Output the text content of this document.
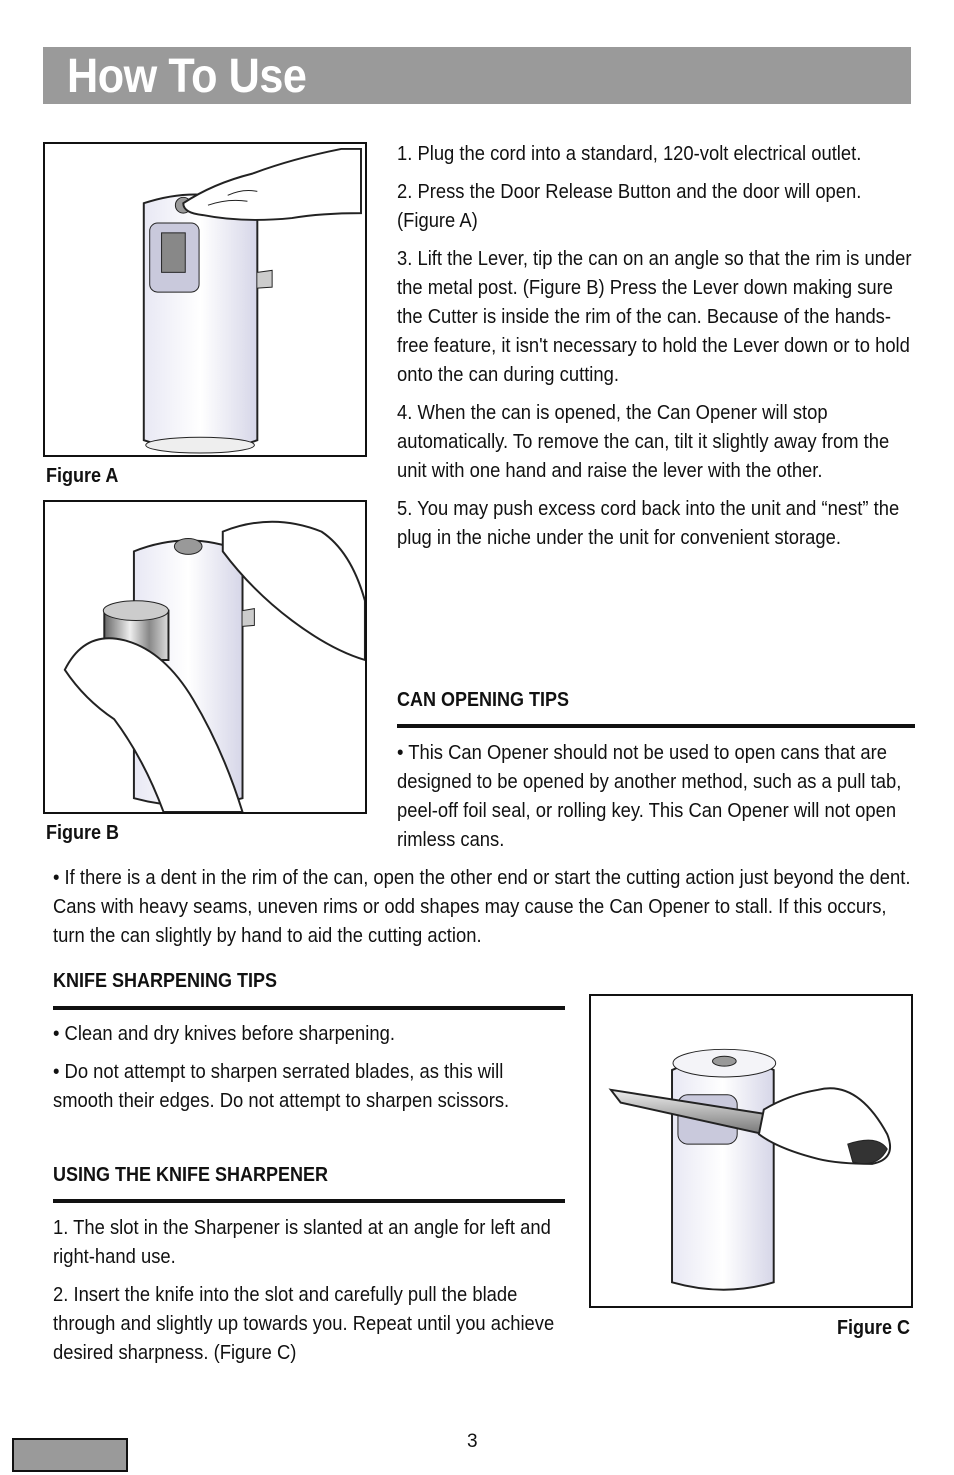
How To Use
Figure A
Figure B

1. Plug the cord into a standard, 120-volt electrical outlet.

2. Press the Door Release Button and the door will open. (Figure A)

3. Lift the Lever, tip the can on an angle so that the rim is under the metal post. (Figure B) Press the Lever down making sure the Cutter is inside the rim of the can. Because of the hands-free feature, it isn't necessary to hold the Lever down or to hold onto the can during cutting.

4. When the can is opened, the Can Opener will stop automatically. To remove the can, tilt it slightly away from the unit with one hand and raise the lever with the other.

5. You may push excess cord back into the unit and “nest” the plug in the niche under the unit for convenient storage.

CAN OPENING TIPS
• This Can Opener should not be used to open cans that are designed to be opened by another method, such as a pull tab, peel-off foil seal, or rolling key. This Can Opener will not open rimless cans.
• If there is a dent in the rim of the can, open the other end or start the cutting action just beyond the dent. Cans with heavy seams, uneven rims or odd shapes may cause the Can Opener to stall. If this occurs, turn the can slightly by hand to aid the cutting action.
KNIFE SHARPENING TIPS

• Clean and dry knives before sharpening.

• Do not attempt to sharpen serrated blades, as this will smooth their edges. Do not attempt to sharpen scissors.

USING THE KNIFE SHARPENER

1. The slot in the Sharpener is slanted at an angle for left and right-hand use.

2. Insert the knife into the slot and carefully pull the blade through and slightly up towards you. Repeat until you achieve desired sharpness. (Figure C)

Figure C
3
